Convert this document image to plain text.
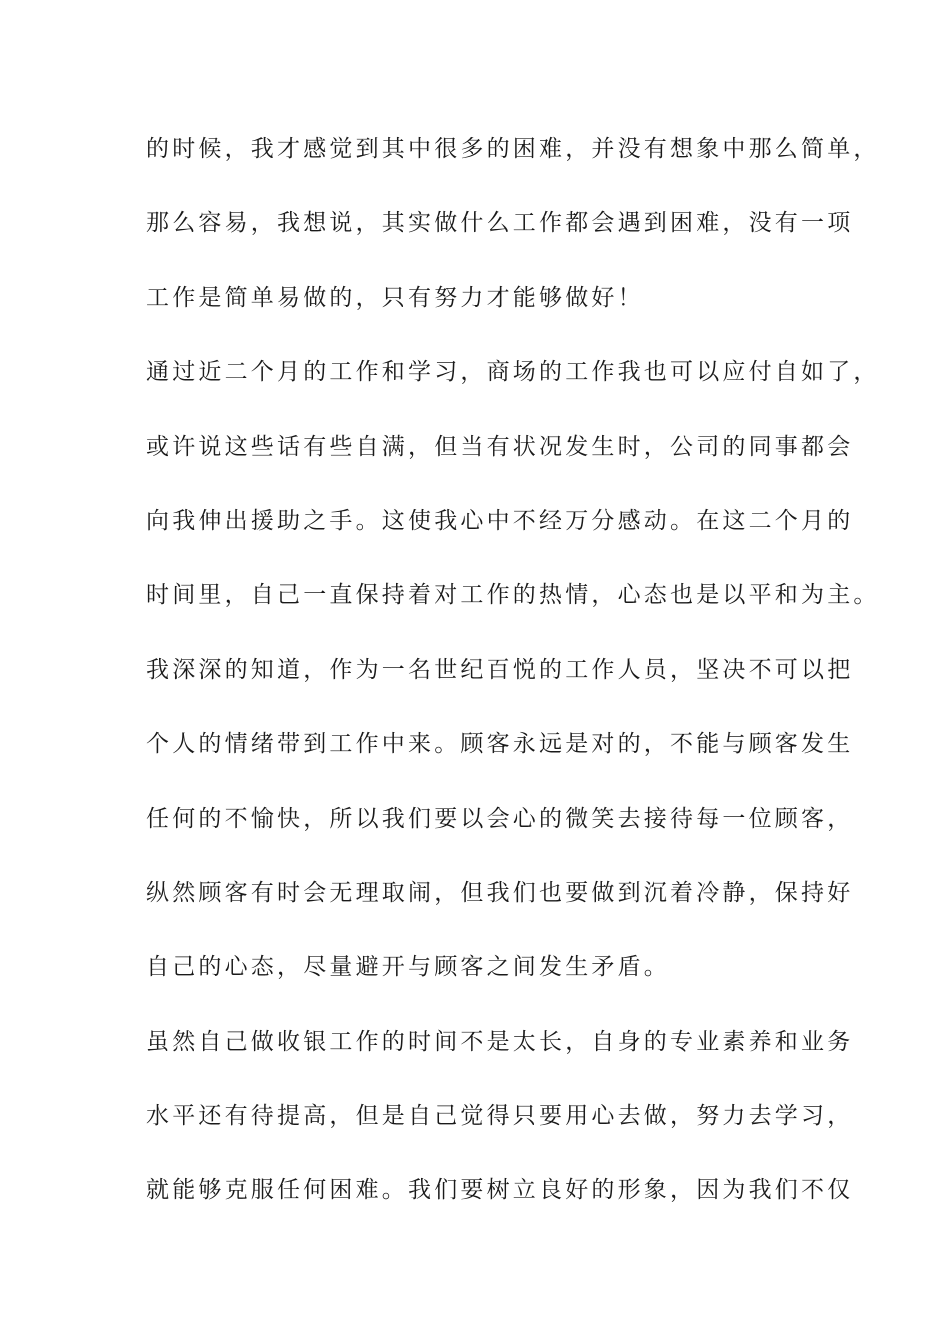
的时候，我才感觉到其中很多的困难，并没有想象中那么简单，
那么容易，我想说，其实做什么工作都会遇到困难，没有一项
工作是简单易做的，只有努力才能够做好！
通过近二个月的工作和学习，商场的工作我也可以应付自如了，
或许说这些话有些自满，但当有状况发生时，公司的同事都会
向我伸出援助之手。这使我心中不经万分感动。在这二个月的
时间里，自己一直保持着对工作的热情，心态也是以平和为主。
我深深的知道，作为一名世纪百悦的工作人员，坚决不可以把
个人的情绪带到工作中来。顾客永远是对的，不能与顾客发生
任何的不愉快，所以我们要以会心的微笑去接待每一位顾客，
纵然顾客有时会无理取闹，但我们也要做到沉着冷静，保持好
自己的心态，尽量避开与顾客之间发生矛盾。
虽然自己做收银工作的时间不是太长，自身的专业素养和业务
水平还有待提高，但是自己觉得只要用心去做，努力去学习，
就能够克服任何困难。我们要树立良好的形象，因为我们不仅
